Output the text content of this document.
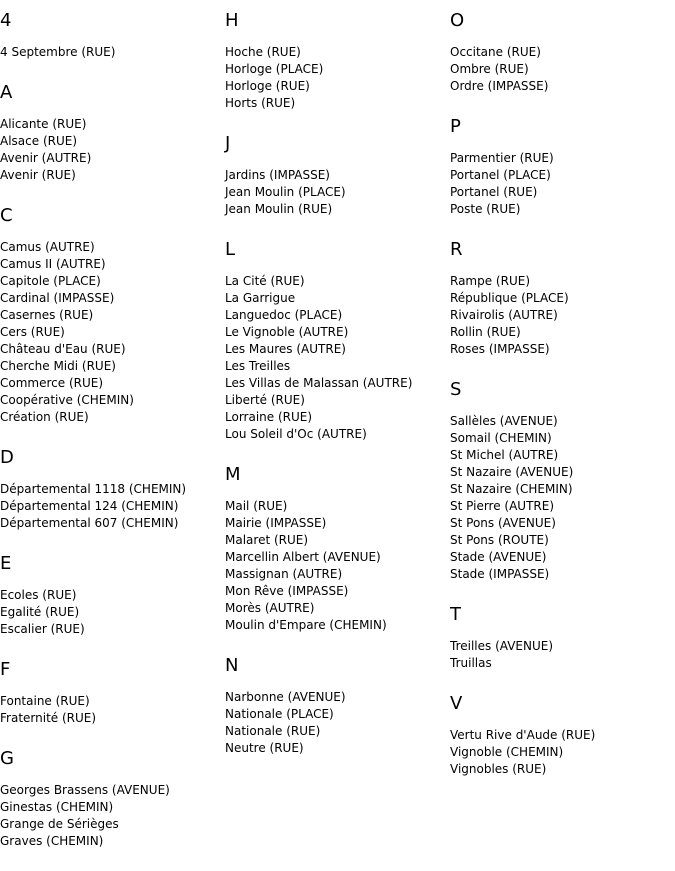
4
4 Septembre (RUE)
A
Alicante (RUE)
Alsace (RUE)
Avenir (AUTRE)
Avenir (RUE)
C
Camus (AUTRE)
Camus II (AUTRE)
Capitole (PLACE)
Cardinal (IMPASSE)
Casernes (RUE)
Cers (RUE)
Château d'Eau (RUE)
Cherche Midi (RUE)
Commerce (RUE)
Coopérative (CHEMIN)
Création (RUE)
D
Départemental 1118 (CHEMIN)
Départemental 124 (CHEMIN)
Départemental 607 (CHEMIN)
E
Ecoles (RUE)
Egalité (RUE)
Escalier (RUE)
F
Fontaine (RUE)
Fraternité (RUE)
G
Georges Brassens (AVENUE)
Ginestas (CHEMIN)
Grange de Sérièges
Graves (CHEMIN)
H
Hoche (RUE)
Horloge (PLACE)
Horloge (RUE)
Horts (RUE)
J
Jardins (IMPASSE)
Jean Moulin (PLACE)
Jean Moulin (RUE)
L
La Cité (RUE)
La Garrigue
Languedoc (PLACE)
Le Vignoble (AUTRE)
Les Maures (AUTRE)
Les Treilles
Les Villas de Malassan (AUTRE)
Liberté (RUE)
Lorraine (RUE)
Lou Soleil d'Oc (AUTRE)
M
Mail (RUE)
Mairie (IMPASSE)
Malaret (RUE)
Marcellin Albert (AVENUE)
Massignan (AUTRE)
Mon Rêve (IMPASSE)
Morès (AUTRE)
Moulin d'Empare (CHEMIN)
N
Narbonne (AVENUE)
Nationale (PLACE)
Nationale (RUE)
Neutre (RUE)
O
Occitane (RUE)
Ombre (RUE)
Ordre (IMPASSE)
P
Parmentier (RUE)
Portanel (PLACE)
Portanel (RUE)
Poste (RUE)
R
Rampe (RUE)
République (PLACE)
Rivairolis (AUTRE)
Rollin (RUE)
Roses (IMPASSE)
S
Sallèles (AVENUE)
Somail (CHEMIN)
St Michel (AUTRE)
St Nazaire (AVENUE)
St Nazaire (CHEMIN)
St Pierre (AUTRE)
St Pons (AVENUE)
St Pons (ROUTE)
Stade (AVENUE)
Stade (IMPASSE)
T
Treilles (AVENUE)
Truillas
V
Vertu Rive d'Aude (RUE)
Vignoble (CHEMIN)
Vignobles (RUE)
